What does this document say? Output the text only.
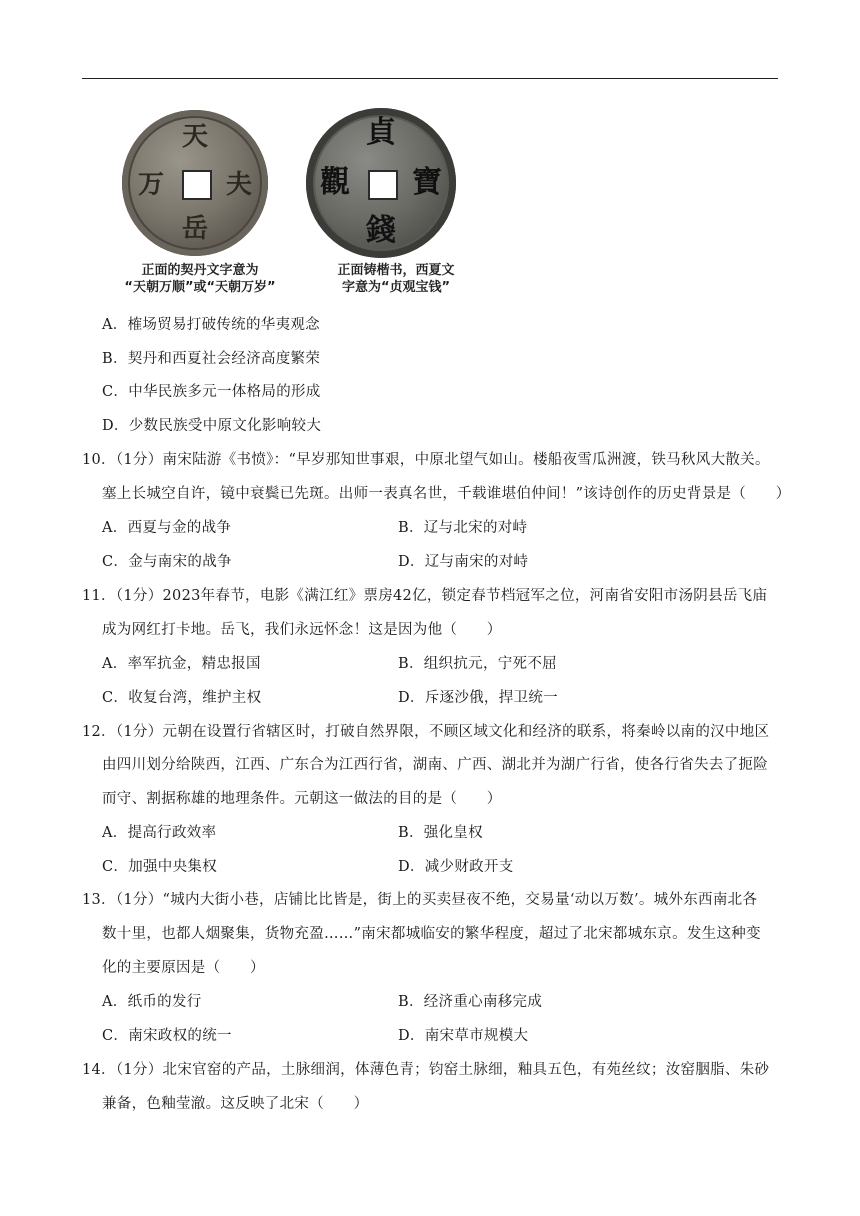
天
万 夫
岳
貞
觀 寶
錢
正面的契丹文字意为
“天朝万顺”或“天朝万岁”
正面铸楷书，西夏文
字意为“贞观宝钱”
A．榷场贸易打破传统的华夷观念
B．契丹和西夏社会经济高度繁荣
C．中华民族多元一体格局的形成
D．少数民族受中原文化影响较大
10．（1分）南宋陆游《书愤》：“早岁那知世事艰，中原北望气如山。楼船夜雪瓜洲渡，铁马秋风大散关。
塞上长城空自许，镜中衰鬓已先斑。出师一表真名世，千载谁堪伯仲间！”该诗创作的历史背景是（　　）
A．西夏与金的战争	B．辽与北宋的对峙
C．金与南宋的战争	D．辽与南宋的对峙
11．（1分）2023年春节，电影《满江红》票房42亿，锁定春节档冠军之位，河南省安阳市汤阴县岳飞庙
成为网红打卡地。岳飞，我们永远怀念！这是因为他（　　）
A．率军抗金，精忠报国	B．组织抗元，宁死不屈
C．收复台湾，维护主权	D．斥逐沙俄，捍卫统一
12．（1分）元朝在设置行省辖区时，打破自然界限，不顾区域文化和经济的联系，将秦岭以南的汉中地区
由四川划分给陕西，江西、广东合为江西行省，湖南、广西、湖北并为湖广行省，使各行省失去了扼险
而守、割据称雄的地理条件。元朝这一做法的目的是（　　）
A．提高行政效率	B．强化皇权
C．加强中央集权	D．减少财政开支
13．（1分）“城内大街小巷，店铺比比皆是，街上的买卖昼夜不绝，交易量‘动以万数’。城外东西南北各
数十里，也都人烟聚集，货物充盈……”南宋都城临安的繁华程度，超过了北宋都城东京。发生这种变
化的主要原因是（　　）
A．纸币的发行	B．经济重心南移完成
C．南宋政权的统一	D．南宋草市规模大
14．（1分）北宋官窑的产品，土脉细润，体薄色青；钧窑土脉细，釉具五色，有苑丝纹；汝窑胭脂、朱砂
兼备，色釉莹澈。这反映了北宋（　　）
